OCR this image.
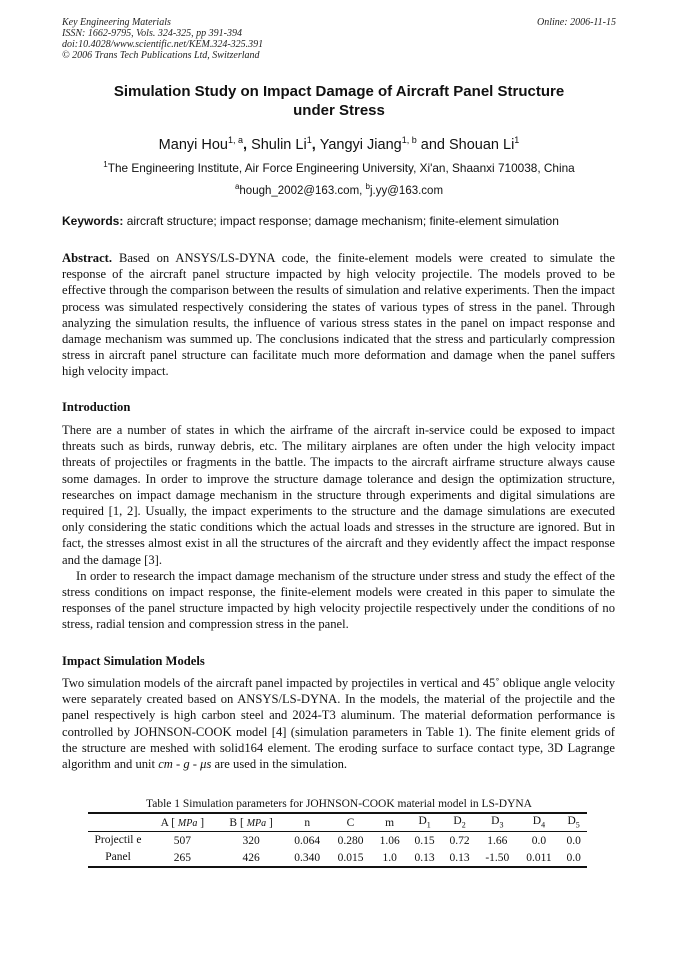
Key Engineering Materials
ISSN: 1662-9795, Vols. 324-325, pp 391-394
doi:10.4028/www.scientific.net/KEM.324-325.391
© 2006 Trans Tech Publications Ltd, Switzerland
Online: 2006-11-15
Simulation Study on Impact Damage of Aircraft Panel Structure
under Stress
Manyi Hou$^{1, a}$, Shulin Li$^1$, Yangyi Jiang$^{1, b}$ and Shouan Li$^1$
$^1$The Engineering Institute, Air Force Engineering University, Xi'an, Shaanxi 710038, China
$^a$hough_2002@163.com, $^b$j.yy@163.com
Keywords: aircraft structure; impact response; damage mechanism; finite-element simulation
Abstract. Based on ANSYS/LS-DYNA code, the finite-element models were created to simulate the response of the aircraft panel structure impacted by high velocity projectile. The models proved to be effective through the comparison between the results of simulation and relative experiments. Then the impact process was simulated respectively considering the states of various types of stress in the panel. Through analyzing the simulation results, the influence of various stress states in the panel on impact response and damage mechanism was summed up. The conclusions indicated that the stress and particularly compression stress in aircraft panel structure can facilitate much more deformation and damage when the panel suffers high velocity impact.
Introduction

There are a number of states in which the airframe of the aircraft in-service could be exposed to impact threats such as birds, runway debris, etc. The military airplanes are often under the high velocity impact threats of projectiles or fragments in the battle. The impacts to the aircraft airframe structure always cause some damages. In order to improve the structure damage tolerance and design the optimization structure, researches on impact damage mechanism in the structure through experiments and digital simulations are required [1, 2]. Usually, the impact experiments to the structure and the damage simulations are executed only considering the static conditions which the actual loads and stresses in the structure are ignored. But in fact, the stresses almost exist in all the structures of the aircraft and they evidently affect the impact response and the damage [3].

In order to research the impact damage mechanism of the structure under stress and study the effect of the stress conditions on impact response, the finite-element models were created in this paper to simulate the responses of the panel structure impacted by high velocity projectile respectively under the conditions of no stress, radial tension and compression stress in the panel.

Impact Simulation Models

Two simulation models of the aircraft panel impacted by projectiles in vertical and 45˚ oblique angle velocity were separately created based on ANSYS/LS-DYNA. In the models, the material of the projectile and the panel respectively is high carbon steel and 2024-T3 aluminum. The material deformation performance is controlled by JOHNSON-COOK model [4] (simulation parameters in Table 1). The finite element grids of the structure are meshed with solid164 element. The eroding surface to surface contact type, 3D Lagrange algorithm and unit cm - g - μs are used in the simulation.

Table 1 Simulation parameters for JOHNSON-COOK material model in LS-DYNA
	A [ MPa ]	B [ MPa ]	n	C	m	$D_1$	$D_2$	$D_3$	$D_4$	$D_5$
Projectil e	507	320	0.064	0.280	1.06	0.15	0.72	1.66	0.0	0.0
Panel	265	426	0.340	0.015	1.0	0.13	0.13	-1.50	0.011	0.0
